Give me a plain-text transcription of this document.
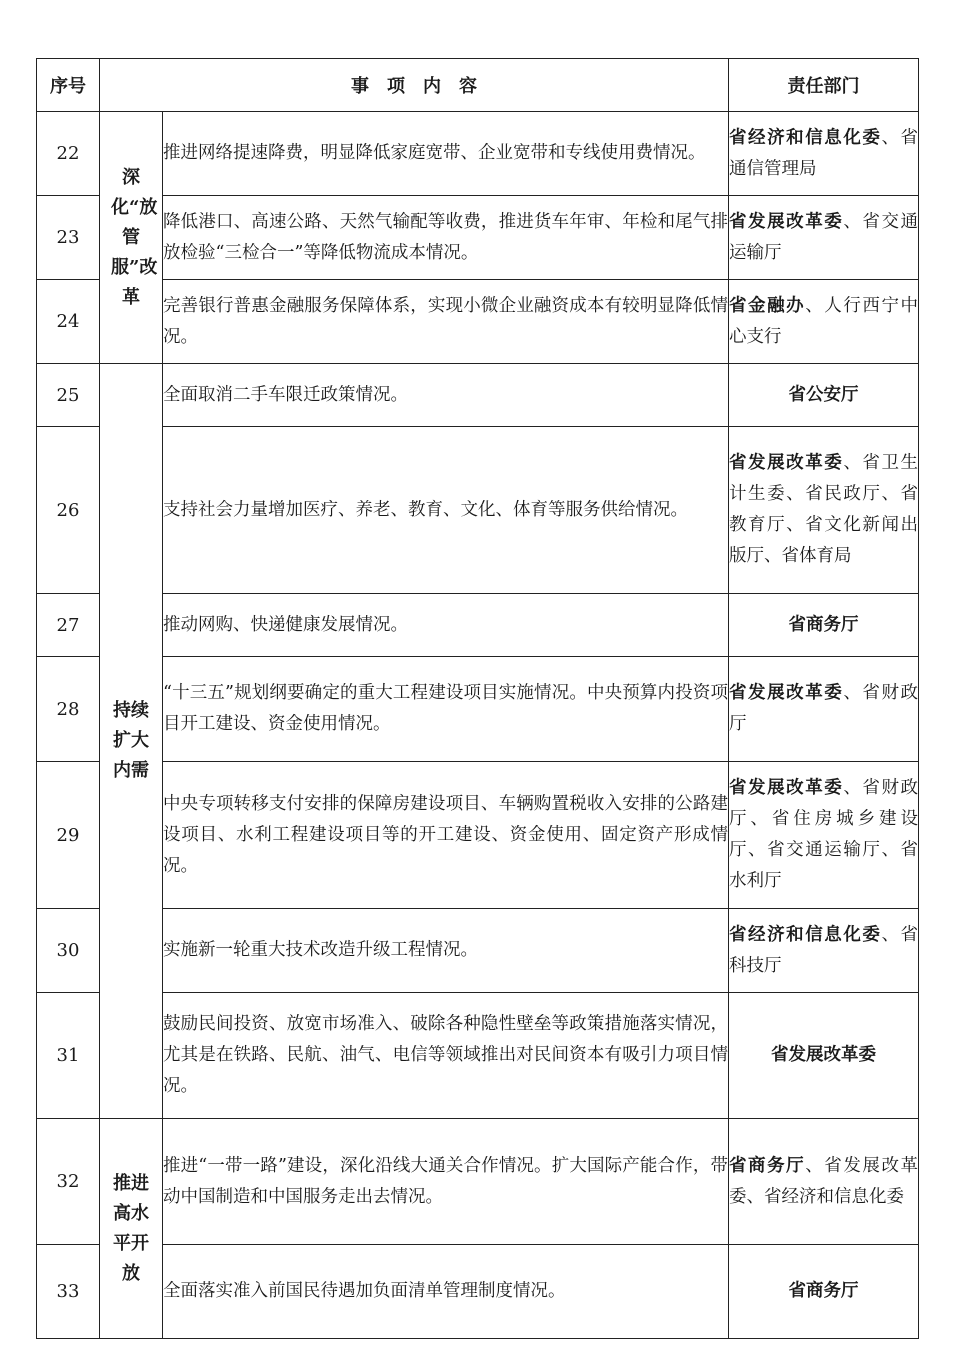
序号	事　项　内　容		责任部门
22	深化“放管服”改革	推进网络提速降费，明显降低家庭宽带、企业宽带和专线使用费情况。	省经济和信息化委、省通信管理局
23		降低港口、高速公路、天然气输配等收费，推进货车年审、年检和尾气排放检验“三检合一”等降低物流成本情况。	省发展改革委、省交通运输厅
24		完善银行普惠金融服务保障体系，实现小微企业融资成本有较明显降低情况。	省金融办、人行西宁中心支行
25	持续扩大内需	全面取消二手车限迁政策情况。	省公安厅
26		支持社会力量增加医疗、养老、教育、文化、体育等服务供给情况。	省发展改革委、省卫生计生委、省民政厅、省教育厅、省文化新闻出版厅、省体育局
27		推动网购、快递健康发展情况。	省商务厅
28		“十三五”规划纲要确定的重大工程建设项目实施情况。中央预算内投资项目开工建设、资金使用情况。	省发展改革委、省财政厅
29		中央专项转移支付安排的保障房建设项目、车辆购置税收入安排的公路建设项目、水利工程建设项目等的开工建设、资金使用、固定资产形成情况。	省发展改革委、省财政厅、省住房城乡建设厅、省交通运输厅、省水利厅
30		实施新一轮重大技术改造升级工程情况。	省经济和信息化委、省科技厅
31		鼓励民间投资、放宽市场准入、破除各种隐性壁垒等政策措施落实情况，尤其是在铁路、民航、油气、电信等领域推出对民间资本有吸引力项目情况。	省发展改革委
32	推进高水平开放	推进“一带一路”建设，深化沿线大通关合作情况。扩大国际产能合作，带动中国制造和中国服务走出去情况。	省商务厅、省发展改革委、省经济和信息化委
33		全面落实准入前国民待遇加负面清单管理制度情况。	省商务厅
